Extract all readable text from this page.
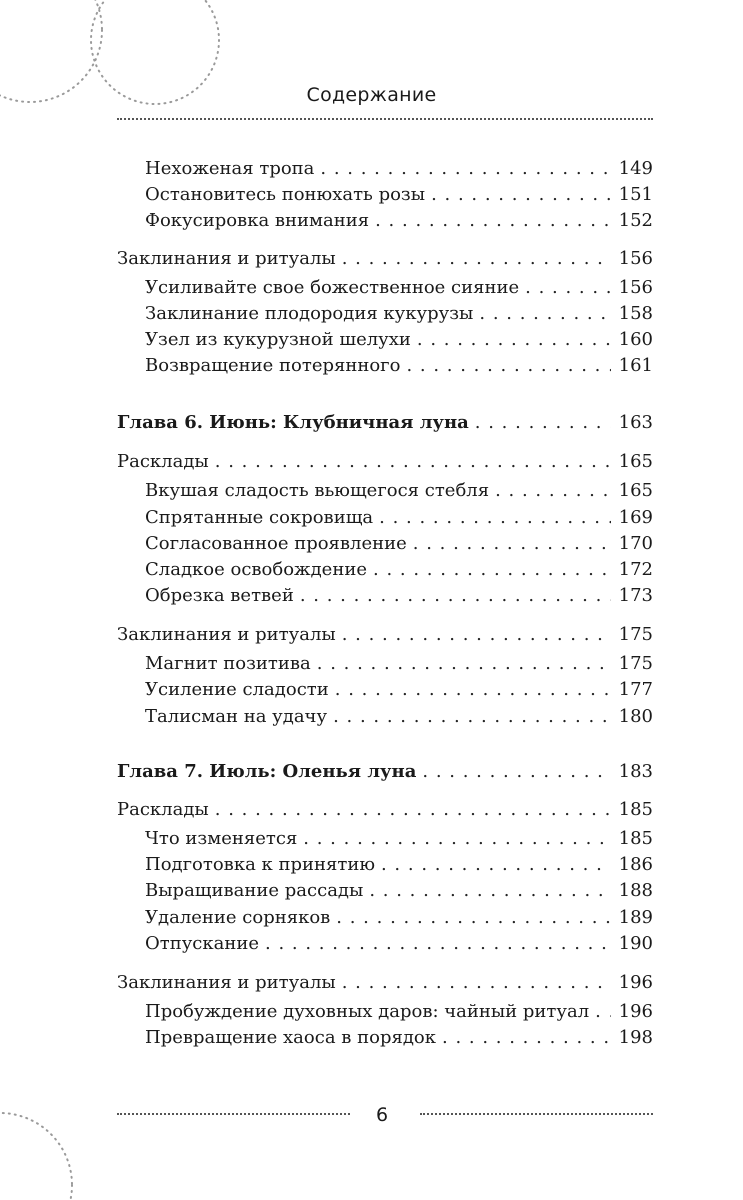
Содержание
Нехоженая тропа . . .	149
Остановитесь понюхать розы . . .	151
Фокусировка внимания . . .	152
Заклинания и ритуалы . . .	156
Усиливайте свое божественное сияние . . .	156
Заклинание плодородия кукурузы . . .	158
Узел из кукурузной шелухи . . .	160
Возвращение потерянного . . .	161
Глава 6. Июнь: Клубничная луна . . .	163
Расклады . . .	165
Вкушая сладость вьющегося стебля . . .	165
Спрятанные сокровища . . .	169
Согласованное проявление . . .	170
Сладкое освобождение . . .	172
Обрезка ветвей . . .	173
Заклинания и ритуалы . . .	175
Магнит позитива . . .	175
Усиление сладости . . .	177
Талисман на удачу . . .	180
Глава 7. Июль: Оленья луна . . .	183
Расклады . . .	185
Что изменяется . . .	185
Подготовка к принятию . . .	186
Выращивание рассады . . .	188
Удаление сорняков . . .	189
Отпускание . . .	190
Заклинания и ритуалы . . .	196
Пробуждение духовных даров: чайный ритуал . . . 196
Превращение хаоса в порядок . . .	198
6
